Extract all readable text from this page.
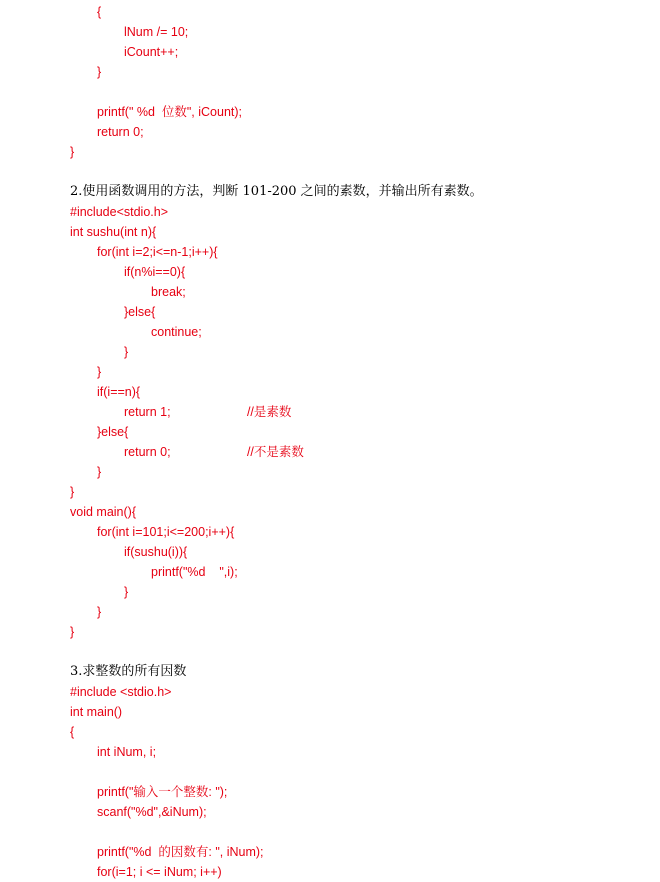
{
lNum /= 10;
iCount++;
}
printf(" %d  位数", iCount);
return 0;
}
2.使用函数调用的方法，判断 101-200 之间的素数，并输出所有素数。
#include<stdio.h>
int sushu(int n){
for(int i=2;i<=n-1;i++){
if(n%i==0){
break;
}else{
continue;
}
}
if(i==n){
return 1;                      //是素数
}else{
return 0;                      //不是素数
}
}
void main(){
for(int i=101;i<=200;i++){
if(sushu(i)){
printf("%d    ",i);
}
}
}
3.求整数的所有因数
#include <stdio.h>
int main()
{
int iNum, i;
printf("输入一个整数: ");
scanf("%d",&iNum);
printf("%d  的因数有: ", iNum);
for(i=1; i <= iNum; i++)
